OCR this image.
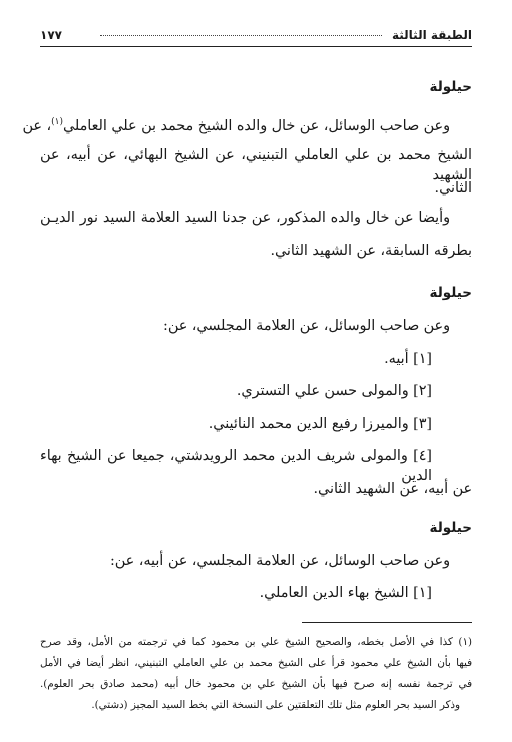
الطبقة الثالثة
١٧٧
حيلولة
وعن صاحب الوسائل، عن خال والده الشيخ محمد بن علي العاملي$^{(١)}$، عن
الشيخ محمد بن علي العاملي التبنيني، عن الشيخ البهائي، عن أبيه، عن الشهيد
الثاني.
وأيضا عن خال والده المذكور، عن جدنا السيد العلامة السيد نور الديـن
بطرقه السابقة، عن الشهيد الثاني.
حيلولة
وعن صاحب الوسائل، عن العلامة المجلسي، عن:
[١] أبيه.
[٢] والمولى حسن علي التستري.
[٣] والميرزا رفيع الدين محمد النائيني.
[٤] والمولى شريف الدين محمد الرويدشتي، جميعا عن الشيخ بهاء الدين
عن أبيه، عن الشهيد الثاني.
حيلولة
وعن صاحب الوسائل، عن العلامة المجلسي، عن أبيه، عن:
[١] الشيخ بهاء الدين العاملي.
(١) كذا في الأصل بخطه، والصحيح الشيخ علي بن محمود كما في ترجمته من الأمل، وقد صرح
فيها بأن الشيخ علي محمود قرأ على الشيخ محمد بن علي العاملي التبنيني، انظر أيضا في الأمل
في ترجمة نفسه إنه صرح فيها بأن الشيخ علي بن محمود خال أبيه (محمد صادق بحر العلوم).
وذكر السيد بحر العلوم مثل تلك التعلقتين على النسخة التي بخط السيد المجيز (دشتي).
